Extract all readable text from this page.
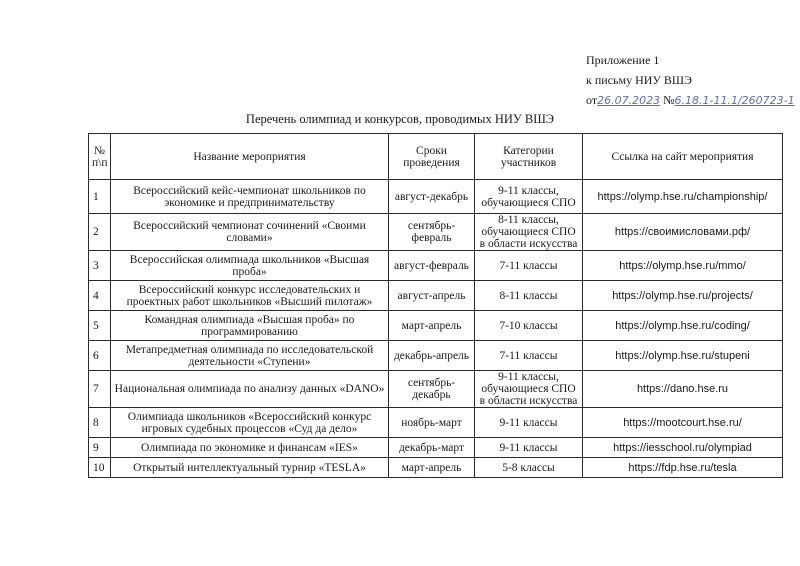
Приложение 1
к письму НИУ ВШЭ
от26.07.2023 №6.18.1-11.1/260723-1
Перечень олимпиад и конкурсов, проводимых НИУ ВШЭ
№ п\п	Название мероприятия	Сроки проведения	Категории участников	Ссылка на сайт мероприятия
1	Всероссийский кейс-чемпионат школьников по экономике и предпринимательству	август-декабрь	9-11 классы, обучающиеся СПО	https://olymp.hse.ru/championship/
2	Всероссийский чемпионат сочинений «Своими словами»	сентябрь-февраль	8-11 классы, обучающиеся СПО в области искусства	https://своимисловами.рф/
3	Всероссийская олимпиада школьников «Высшая проба»	август-февраль	7-11 классы	https://olymp.hse.ru/mmo/
4	Всероссийский конкурс исследовательских и проектных работ школьников «Высший пилотаж»	август-апрель	8-11 классы	https://olymp.hse.ru/projects/
5	Командная олимпиада «Высшая проба» по программированию	март-апрель	7-10 классы	https://olymp.hse.ru/coding/
6	Метапредметная олимпиада по исследовательской деятельности «Ступени»	декабрь-апрель	7-11 классы	https://olymp.hse.ru/stupeni
7	Национальная олимпиада по анализу данных «DANO»	сентябрь-декабрь	9-11 классы, обучающиеся СПО в области искусства	https://dano.hse.ru
8	Олимпиада школьников «Всероссийский конкурс игровых судебных процессов «Суд да дело»	ноябрь-март	9-11 классы	https://mootcourt.hse.ru/
9	Олимпиада по экономике и финансам «IES»	декабрь-март	9-11 классы	https://iesschool.ru/olympiad
10	Открытый интеллектуальный турнир «TESLA»	март-апрель	5-8 классы	https://fdp.hse.ru/tesla
